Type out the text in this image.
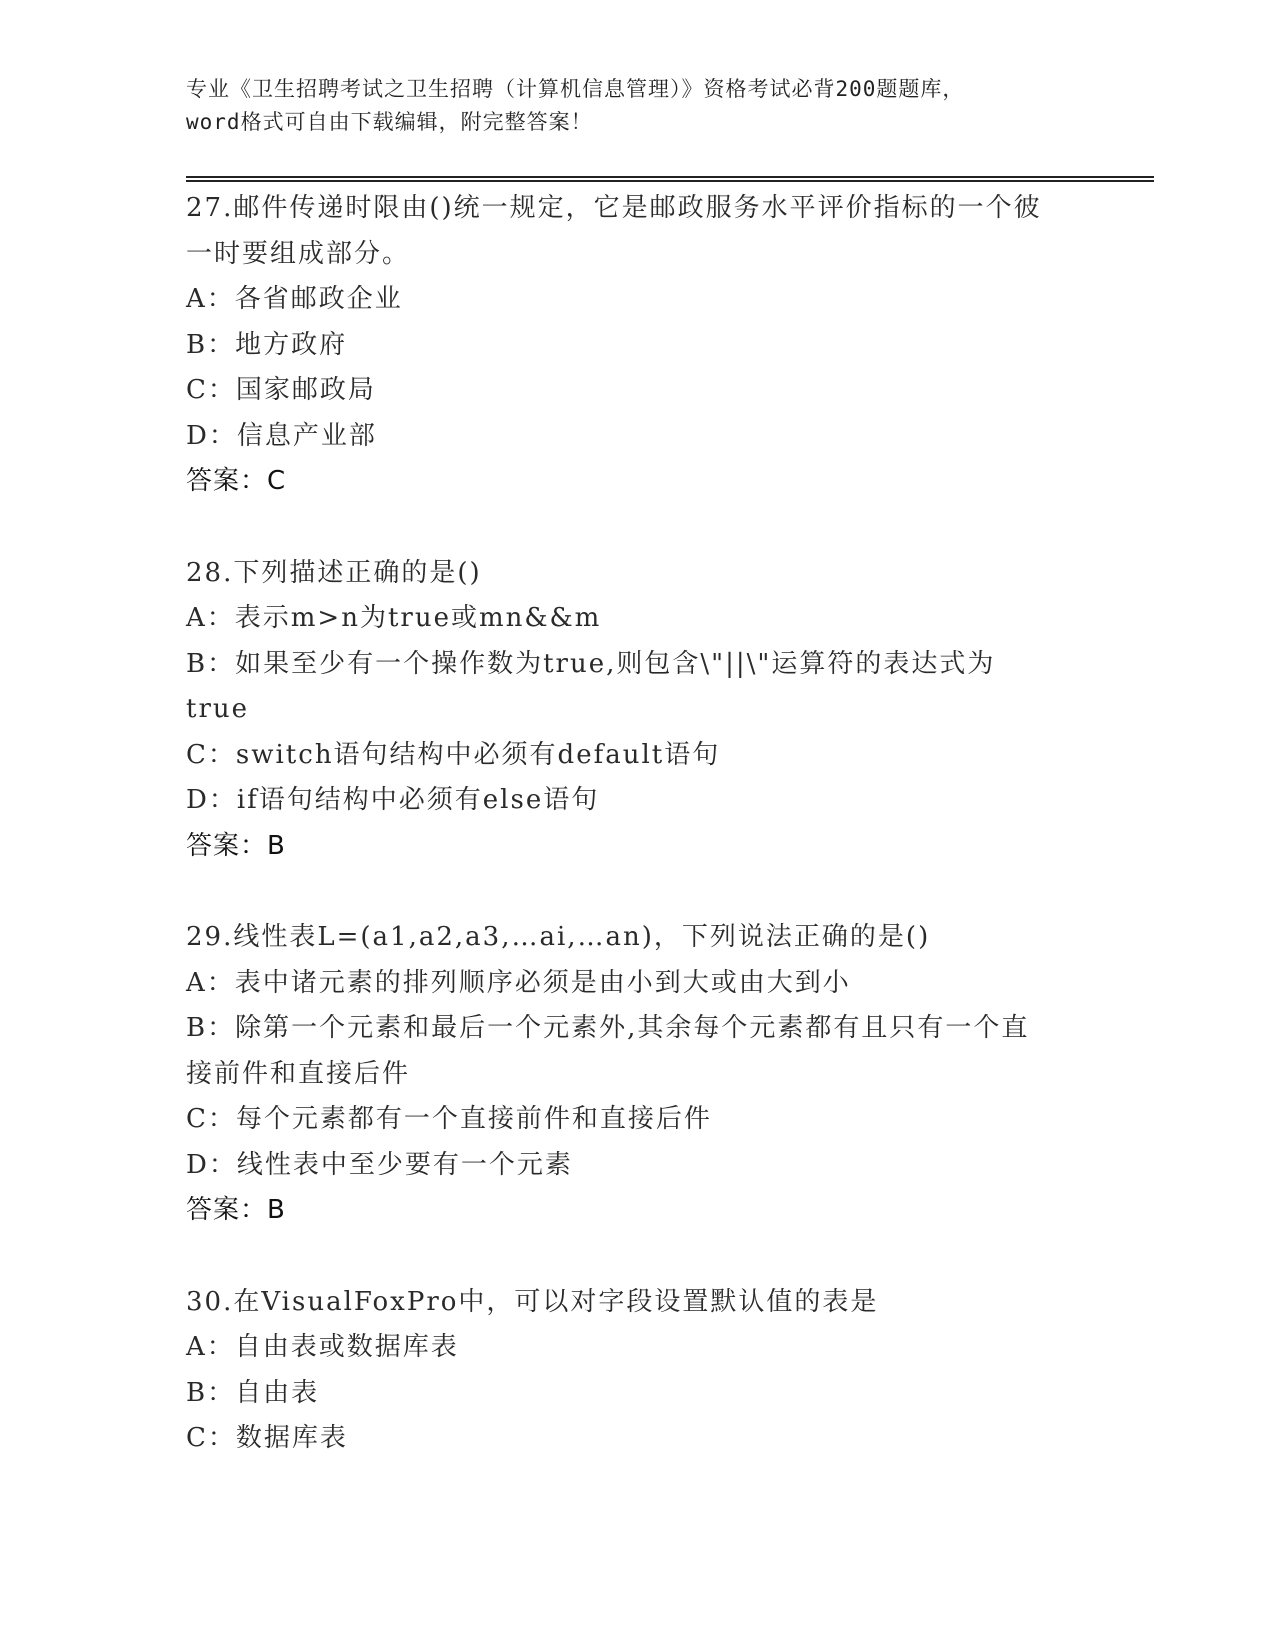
专业《卫生招聘考试之卫生招聘（计算机信息管理）》资格考试必背200题题库，
word格式可自由下载编辑，附完整答案！
27.邮件传递时限由()统一规定，它是邮政服务水平评价指标的一个彼
一时要组成部分。
A：各省邮政企业
B：地方政府
C：国家邮政局
D：信息产业部
答案：C
28.下列描述正确的是()
A：表示m>n为true或mn&&m
B：如果至少有一个操作数为true,则包含\"||\"运算符的表达式为
true
C：switch语句结构中必须有default语句
D：if语句结构中必须有else语句
答案：B
29.线性表L=(a1,a2,a3,…ai,…an)，下列说法正确的是()
A：表中诸元素的排列顺序必须是由小到大或由大到小
B：除第一个元素和最后一个元素外,其余每个元素都有且只有一个直
接前件和直接后件
C：每个元素都有一个直接前件和直接后件
D：线性表中至少要有一个元素
答案：B
30.在VisualFoxPro中，可以对字段设置默认值的表是
A：自由表或数据库表
B：自由表
C：数据库表
